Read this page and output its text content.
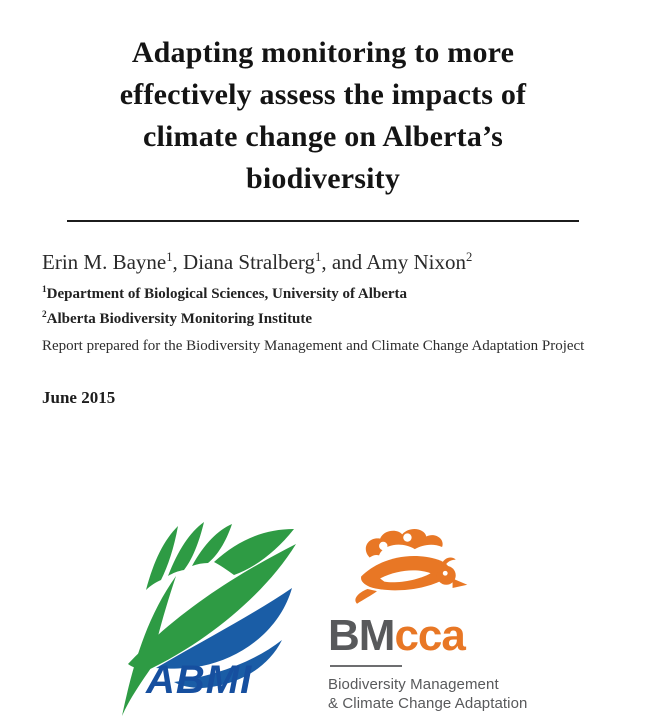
Adapting monitoring to more
effectively assess the impacts of
climate change on Alberta’s
biodiversity

Erin M. Bayne$^1$, Diana Stralberg$^1$, and Amy Nixon$^2$

$^1$Department of Biological Sciences, University of Alberta

$^2$Alberta Biodiversity Monitoring Institute

Report prepared for the Biodiversity Management and Climate Change Adaptation Project

June 2015

ABMI
BMcca
Biodiversity Management
& Climate Change Adaptation
